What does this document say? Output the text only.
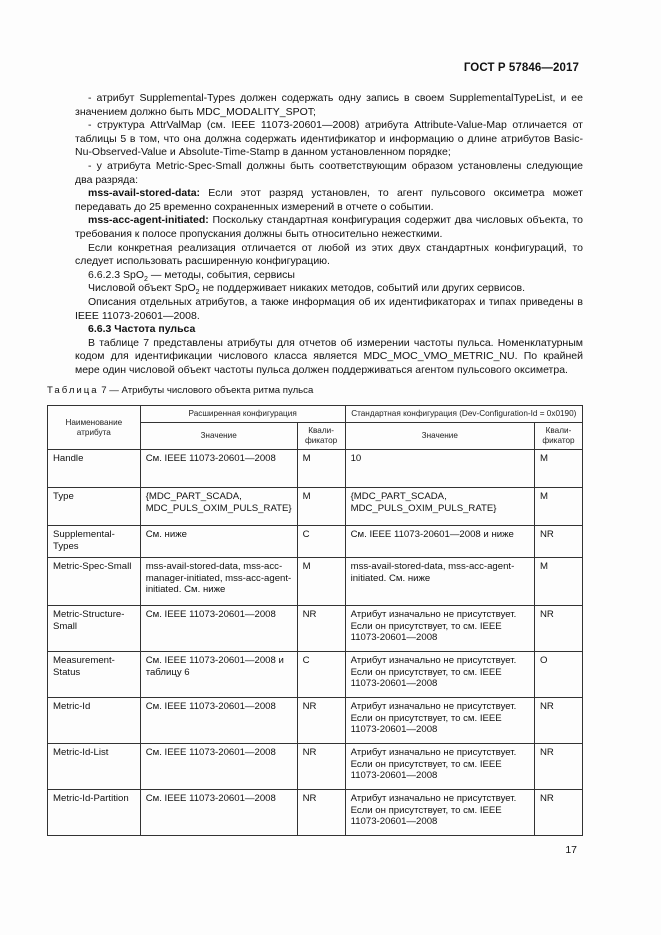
ГОСТ Р 57846—2017

- атрибут Supplemental-Types должен содержать одну запись в своем SupplementalTypeList, и ее значением должно быть MDC_MODALITY_SPOT;

- структура AttrValMap (см. IEEE 11073-20601—2008) атрибута Attribute-Value-Map отличается от таблицы 5 в том, что она должна содержать идентификатор и информацию о длине атрибутов Basic-Nu-Observed-Value и Absolute-Time-Stamp в данном установленном порядке;

- у атрибута Metric-Spec-Small должны быть соответствующим образом установлены следующие два разряда:

mss-avail-stored-data: Если этот разряд установлен, то агент пульсового оксиметра может передавать до 25 временно сохраненных измерений в отчете о событии.

mss-acc-agent-initiated: Поскольку стандартная конфигурация содержит два числовых объекта, то требования к полосе пропускания должны быть относительно нежесткими.

Если конкретная реализация отличается от любой из этих двух стандартных конфигураций, то следует использовать расширенную конфигурацию.

6.6.2.3 SpO$_2$ — методы, события, сервисы

Числовой объект SpO$_2$ не поддерживает никаких методов, событий или других сервисов.

Описания отдельных атрибутов, а также информация об их идентификаторах и типах приведены в IEEE 11073-20601—2008.

6.6.3 Частота пульса

В таблице 7 представлены атрибуты для отчетов об измерении частоты пульса. Номенклатурным кодом для идентификации числового класса является MDC_MOC_VMO_METRIC_NU. По крайней мере один числовой объект частоты пульса должен поддерживаться агентом пульсового оксиметра.

Таблица 7 — Атрибуты числового объекта ритма пульса
Наименование атрибута	Расширенная конфигурация		Стандартная конфигурация (Dev-Configuration-Id = 0x0190)	
	Значение	Квали-фикатор	Значение	Квали-фикатор
Handle	См. IEEE 11073-20601—2008	M	10	M
Type	{MDC_PART_SCADA, MDC_PULS_OXIM_PULS_RATE}	M	{MDC_PART_SCADA, MDC_PULS_OXIM_PULS_RATE}	M
Supplemental-Types	См. ниже	C	См. IEEE 11073-20601—2008 и ниже	NR
Metric-Spec-Small	mss-avail-stored-data, mss-acc-manager-initiated, mss-acc-agent-initiated. См. ниже	M	mss-avail-stored-data, mss-acc-agent-initiated. См. ниже	M
Metric-Structure-Small	См. IEEE 11073-20601—2008	NR	Атрибут изначально не присутствует. Если он присутствует, то см. IEEE 11073-20601—2008	NR
Measurement-Status	См. IEEE 11073-20601—2008 и таблицу 6	C	Атрибут изначально не присутствует. Если он присутствует, то см. IEEE 11073-20601—2008	O
Metric-Id	См. IEEE 11073-20601—2008	NR	Атрибут изначально не присутствует. Если он присутствует, то см. IEEE 11073-20601—2008	NR
Metric-Id-List	См. IEEE 11073-20601—2008	NR	Атрибут изначально не присутствует. Если он присутствует, то см. IEEE 11073-20601—2008	NR
Metric-Id-Partition	См. IEEE 11073-20601—2008	NR	Атрибут изначально не присутствует. Если он присутствует, то см. IEEE 11073-20601—2008	NR
17
